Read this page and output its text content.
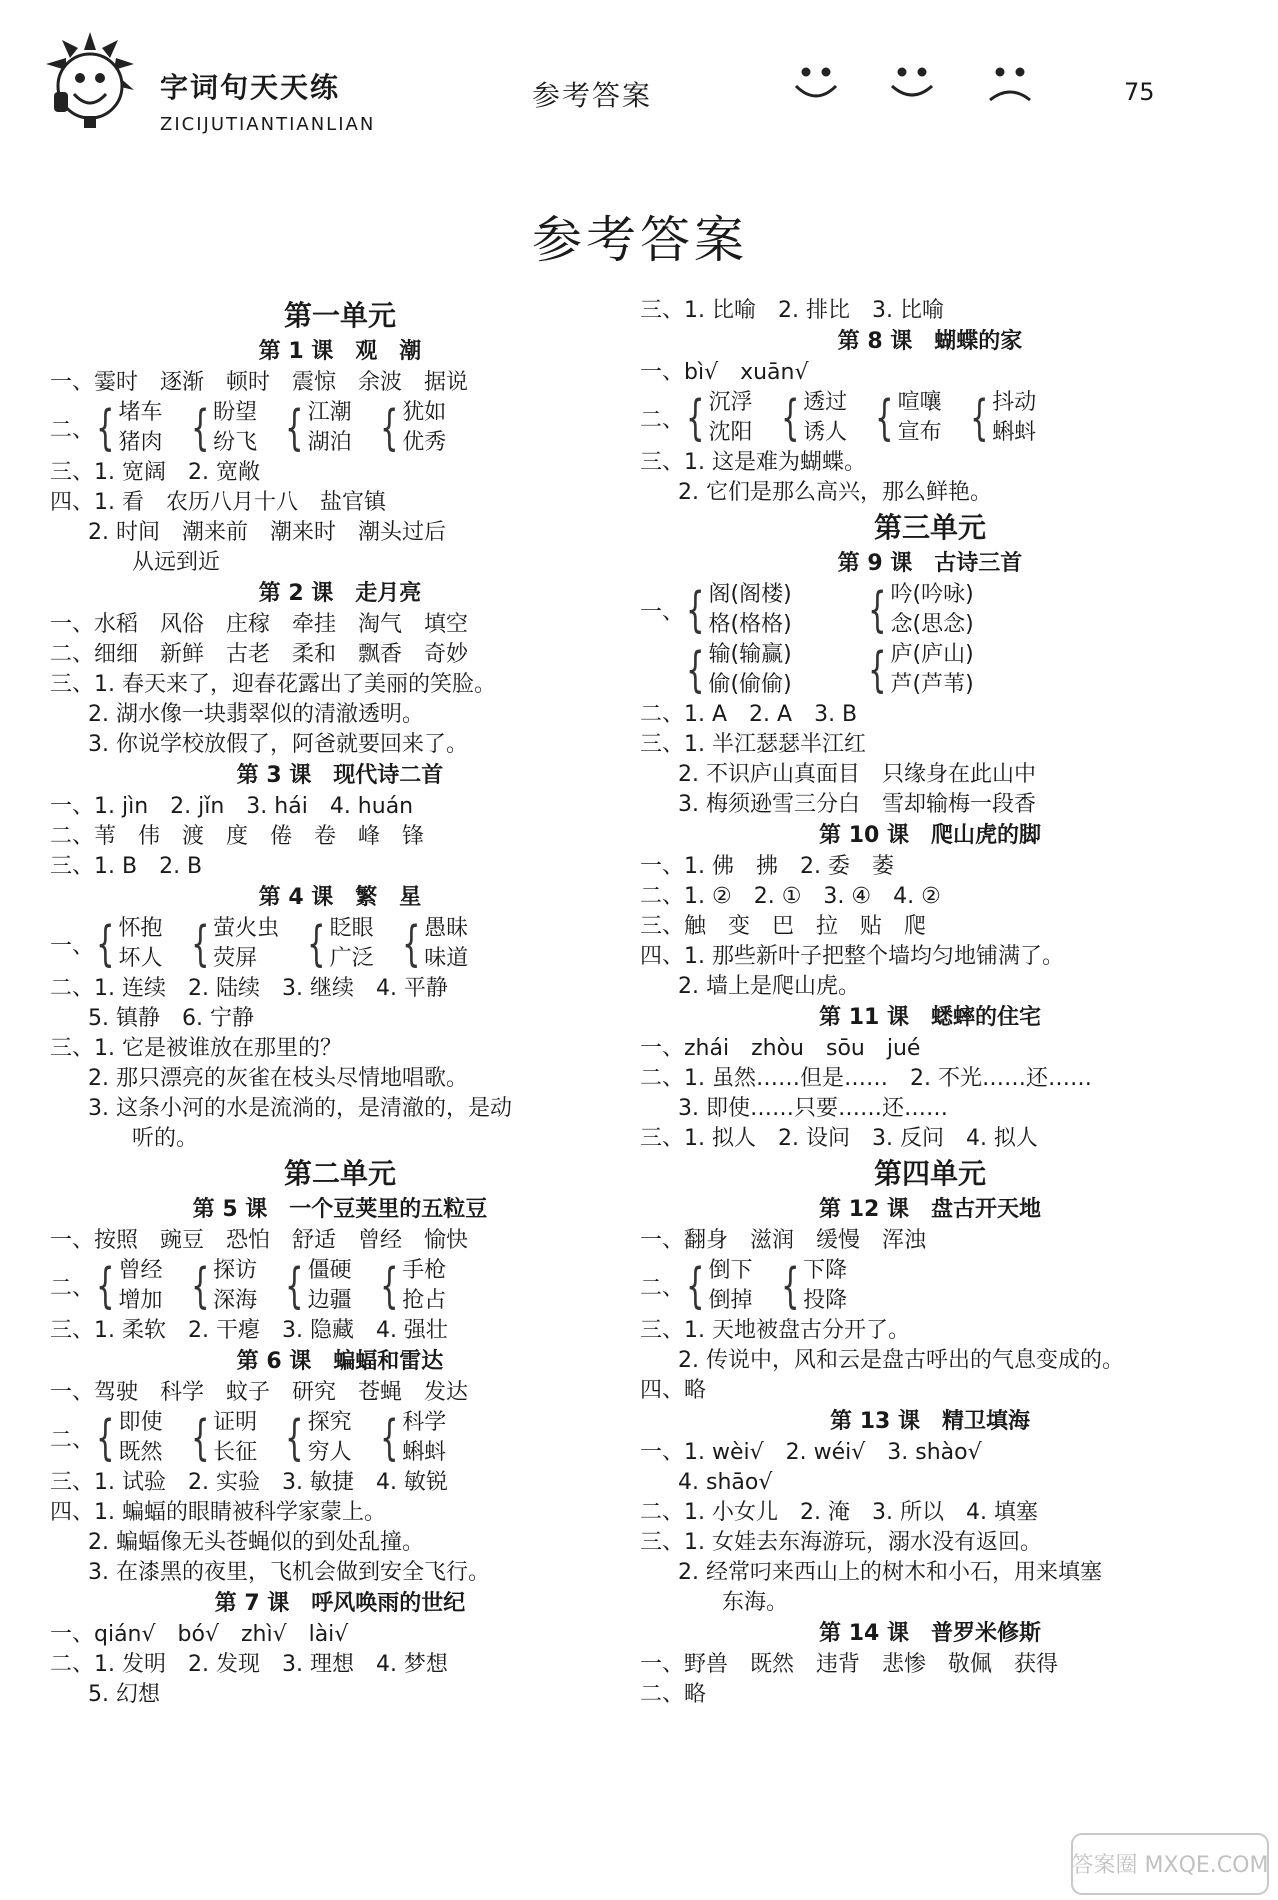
字词句天天练
ZICIJUTIANTIANLIAN
参考答案	75
参考答案
第一单元
第 1 课　观　潮
一、霎时　逐渐　顿时　震惊　余波　据说
二、 { 堵车
猪肉 { 盼望
纷飞 { 江潮
湖泊 { 犹如
优秀
三、1. 宽阔　2. 宽敞
四、1. 看　农历八月十八　盐官镇
2. 时间　潮来前　潮来时　潮头过后
从远到近
第 2 课　走月亮
一、水稻　风俗　庄稼　牵挂　淘气　填空
二、细细　新鲜　古老　柔和　飘香　奇妙
三、1. 春天来了，迎春花露出了美丽的笑脸。
2. 湖水像一块翡翠似的清澈透明。
3. 你说学校放假了，阿爸就要回来了。
第 3 课　现代诗二首
一、1. jìn　2. jǐn　3. hái　4. huán
二、苇　伟　渡　度　倦　卷　峰　锋
三、1. B　2. B
第 4 课　繁　星
一、 { 怀抱
坏人 { 萤火虫
荧屏	{ 眨眼
广泛 { 愚昧
味道
二、1. 连续　2. 陆续　3. 继续　4. 平静
5. 镇静　6. 宁静
三、1. 它是被谁放在那里的？
2. 那只漂亮的灰雀在枝头尽情地唱歌。
3. 这条小河的水是流淌的，是清澈的，是动
听的。
第二单元
第 5 课　一个豆荚里的五粒豆
一、按照　豌豆　恐怕　舒适　曾经　愉快
二、 { 曾经
增加 { 探访
深海 { 僵硬
边疆 { 手枪
抢占
三、1. 柔软　2. 干瘪　3. 隐藏　4. 强壮
第 6 课　蝙蝠和雷达
一、驾驶　科学　蚊子　研究　苍蝇　发达
二、 { 即使
既然 { 证明
长征 { 探究
穷人 { 科学
蝌蚪
三、1. 试验　2. 实验　3. 敏捷　4. 敏锐
四、1. 蝙蝠的眼睛被科学家蒙上。
2. 蝙蝠像无头苍蝇似的到处乱撞。
3. 在漆黑的夜里，飞机会做到安全飞行。
第 7 课　呼风唤雨的世纪
一、qián√　bó√　zhì√　lài√
二、1. 发明　2. 发现　3. 理想　4. 梦想
5. 幻想
三、1. 比喻　2. 排比　3. 比喻
第 8 课　蝴蝶的家
一、bì√　xuān√
二、 { 沉浮
沈阳 { 透过
诱人 { 喧嚷
宣布 { 抖动
蝌蚪
三、1. 这是难为蝴蝶。
2. 它们是那么高兴，那么鲜艳。
第三单元
第 9 课　古诗三首
一、 { 阁(阁楼)
格(格格) { 吟(吟咏)
念(思念)
{ 输(输赢)
偷(偷偷) { 庐(庐山)
芦(芦苇)
二、1. A　2. A　3. B
三、1. 半江瑟瑟半江红
2. 不识庐山真面目　只缘身在此山中
3. 梅须逊雪三分白　雪却输梅一段香
第 10 课　爬山虎的脚
一、1. 佛　拂　2. 委　萎
二、1. ②　2. ①　3. ④　4. ②
三、触　变　巴　拉　贴　爬
四、1. 那些新叶子把整个墙均匀地铺满了。
2. 墙上是爬山虎。
第 11 课　蟋蟀的住宅
一、zhái　zhòu　sōu　jué
二、1. 虽然……但是……　2. 不光……还……
3. 即使……只要……还……
三、1. 拟人　2. 设问　3. 反问　4. 拟人
第四单元
第 12 课　盘古开天地
一、翻身　滋润　缓慢　浑浊
二、 { 倒下
倒掉 { 下降
投降
三、1. 天地被盘古分开了。
2. 传说中，风和云是盘古呼出的气息变成的。
四、略
第 13 课　精卫填海
一、1. wèi√　2. wéi√　3. shào√
4. shāo√
二、1. 小女儿　2. 淹　3. 所以　4. 填塞
三、1. 女娃去东海游玩，溺水没有返回。
2. 经常叼来西山上的树木和小石，用来填塞
东海。
第 14 课　普罗米修斯
一、野兽　既然　违背　悲惨　敬佩　获得
二、略
答案圈 MXQE.COM
